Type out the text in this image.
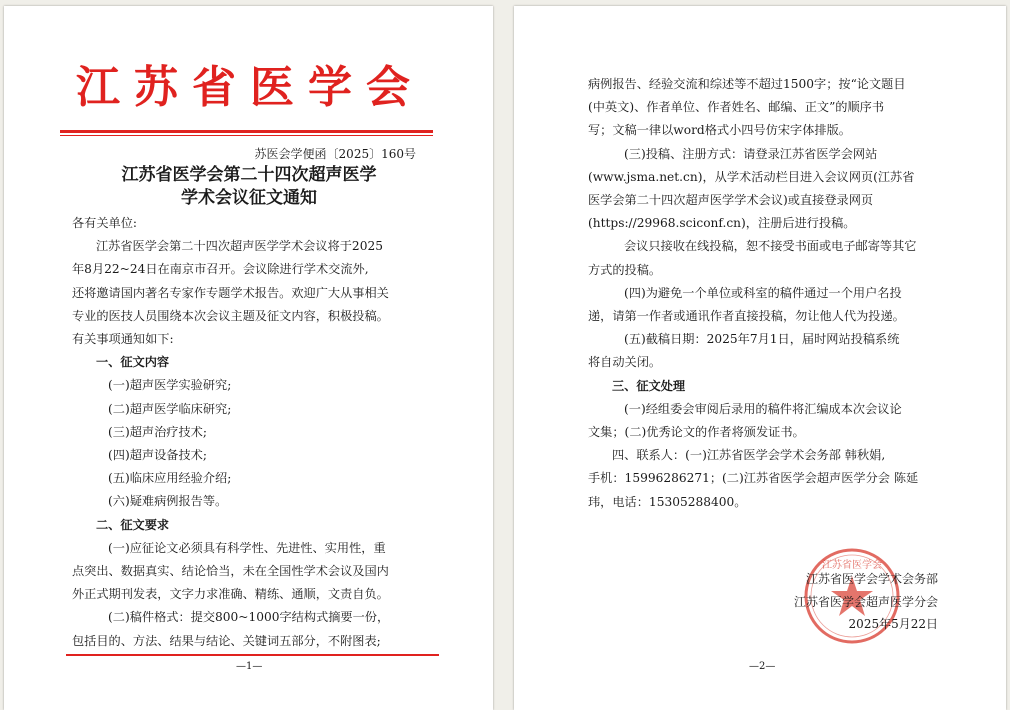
江苏省医学会
苏医会学便函〔2025〕160号
江苏省医学会第二十四次超声医学
学术会议征文通知
各有关单位:
江苏省医学会第二十四次超声医学学术会议将于2025
年8月22~24日在南京市召开。会议除进行学术交流外,
还将邀请国内著名专家作专题学术报告。欢迎广大从事相关
专业的医技人员围绕本次会议主题及征文内容，积极投稿。
有关事项通知如下:
一、征文内容
(一)超声医学实验研究;
(二)超声医学临床研究;
(三)超声治疗技术;
(四)超声设备技术;
(五)临床应用经验介绍;
(六)疑难病例报告等。
二、征文要求
(一)应征论文必须具有科学性、先进性、实用性，重
点突出、数据真实、结论恰当，未在全国性学术会议及国内
外正式期刊发表，文字力求准确、精练、通顺，文责自负。
(二)稿件格式：提交800~1000字结构式摘要一份，
包括目的、方法、结果与结论、关键词五部分，不附图表;
—1—
病例报告、经验交流和综述等不超过1500字；按“论文题目
(中英文)、作者单位、作者姓名、邮编、正文”的顺序书
写；文稿一律以word格式小四号仿宋字体排版。
(三)投稿、注册方式：请登录江苏省医学会网站
(www.jsma.net.cn)，从学术活动栏目进入会议网页(江苏省
医学会第二十四次超声医学学术会议)或直接登录网页
(https://29968.sciconf.cn)，注册后进行投稿。
会议只接收在线投稿，恕不接受书面或电子邮寄等其它
方式的投稿。
(四)为避免一个单位或科室的稿件通过一个用户名投
递，请第一作者或通讯作者直接投稿，勿让他人代为投递。
(五)截稿日期：2025年7月1日，届时网站投稿系统
将自动关闭。
三、征文处理
(一)经组委会审阅后录用的稿件将汇编成本次会议论
文集；(二)优秀论文的作者将颁发证书。
四、联系人：(一)江苏省医学会学术会务部 韩秋娟,
手机：15996286271；(二)江苏省医学会超声医学分会 陈延
玮，电话：15305288400。
江苏省医学会
江苏省医学会学术会务部
江苏省医学会超声医学分会
2025年5月22日
—2—
